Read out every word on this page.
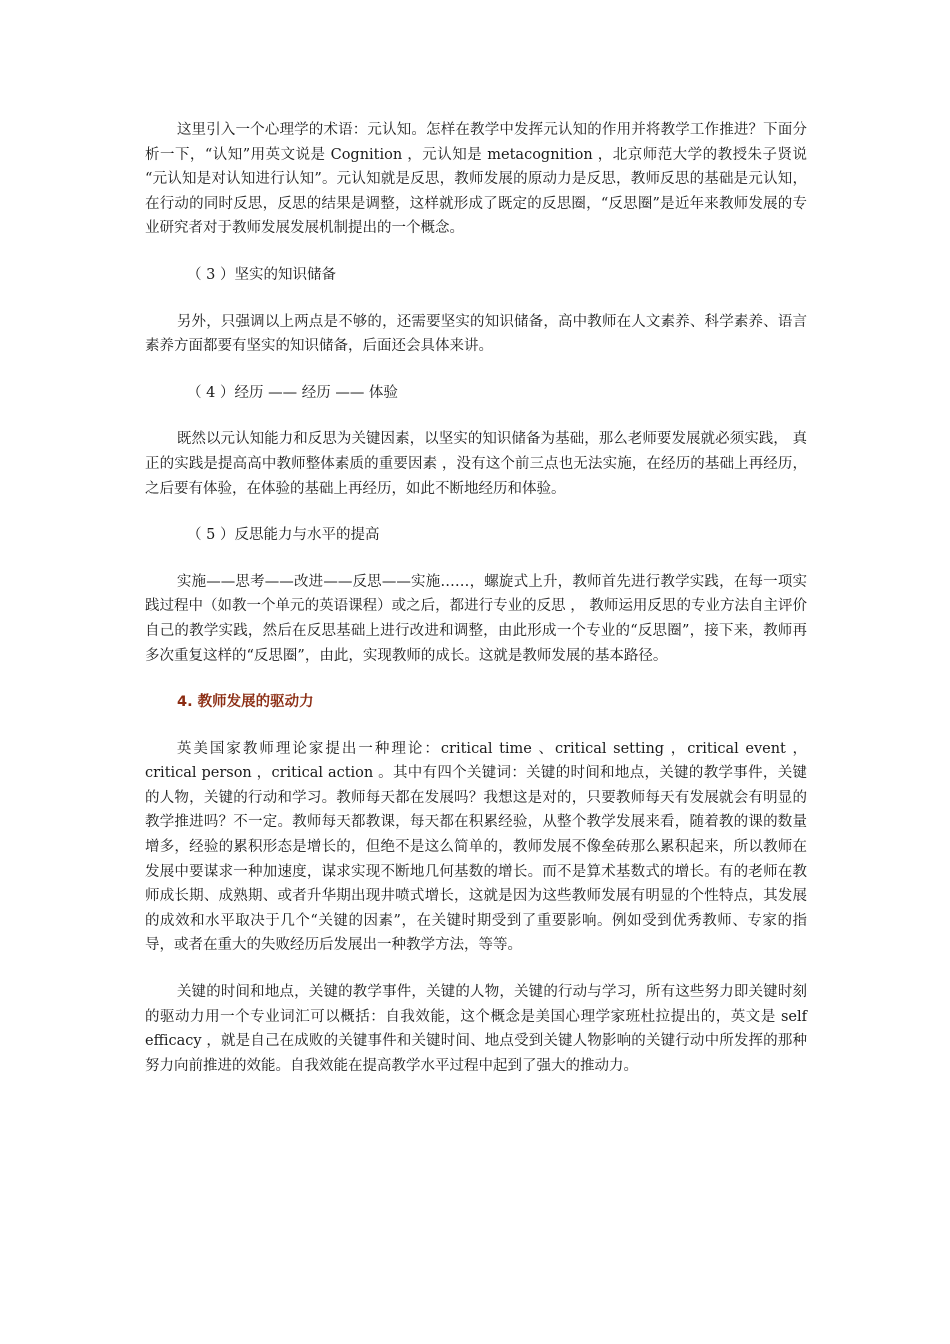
这里引入一个心理学的术语：元认知。怎样在教学中发挥元认知的作用并将教学工作推进？下面分析一下，“认知”用英文说是 Cognition ，元认知是 metacognition ，北京师范大学的教授朱子贤说 “元认知是对认知进行认知”。元认知就是反思，教师发展的原动力是反思，教师反思的基础是元认知，在行动的同时反思，反思的结果是调整，这样就形成了既定的反思圈，“反思圈”是近年来教师发展的专业研究者对于教师发展发展机制提出的一个概念。

（ 3 ）坚实的知识储备

另外，只强调以上两点是不够的，还需要坚实的知识储备，高中教师在人文素养、科学素养、语言素养方面都要有坚实的知识储备，后面还会具体来讲。

（ 4 ）经历 —— 经历 —— 体验

既然以元认知能力和反思为关键因素，以坚实的知识储备为基础，那么老师要发展就必须实践， 真正的实践是提高高中教师整体素质的重要因素 ，没有这个前三点也无法实施，在经历的基础上再经历，之后要有体验，在体验的基础上再经历，如此不断地经历和体验。

（ 5 ）反思能力与水平的提高

实施——思考——改进——反思——实施……，螺旋式上升，教师首先进行教学实践，在每一项实践过程中（如教一个单元的英语课程）或之后，都进行专业的反思 ， 教师运用反思的专业方法自主评价自己的教学实践，然后在反思基础上进行改进和调整，由此形成一个专业的“反思圈”，接下来，教师再多次重复这样的“反思圈”，由此，实现教师的成长。这就是教师发展的基本路径。

4. 教师发展的驱动力

英美国家教师理论家提出一种理论：critical time 、critical setting ，critical event ，critical person ，critical action 。其中有四个关键词：关键的时间和地点，关键的教学事件，关键的人物，关键的行动和学习。教师每天都在发展吗？我想这是对的，只要教师每天有发展就会有明显的教学推进吗？不一定。教师每天都教课，每天都在积累经验，从整个教学发展来看，随着教的课的数量增多，经验的累积形态是增长的，但绝不是这么简单的，教师发展不像垒砖那么累积起来，所以教师在发展中要谋求一种加速度，谋求实现不断地几何基数的增长。而不是算术基数式的增长。有的老师在教师成长期、成熟期、或者升华期出现井喷式增长，这就是因为这些教师发展有明显的个性特点，其发展的成效和水平取决于几个“关键的因素”，在关键时期受到了重要影响。例如受到优秀教师、专家的指导，或者在重大的失败经历后发展出一种教学方法，等等。

关键的时间和地点，关键的教学事件，关键的人物，关键的行动与学习，所有这些努力即关键时刻的驱动力用一个专业词汇可以概括：自我效能，这个概念是美国心理学家班杜拉提出的，英文是 self efficacy ，就是自己在成败的关键事件和关键时间、地点受到关键人物影响的关键行动中所发挥的那种努力向前推进的效能。自我效能在提高教学水平过程中起到了强大的推动力。
